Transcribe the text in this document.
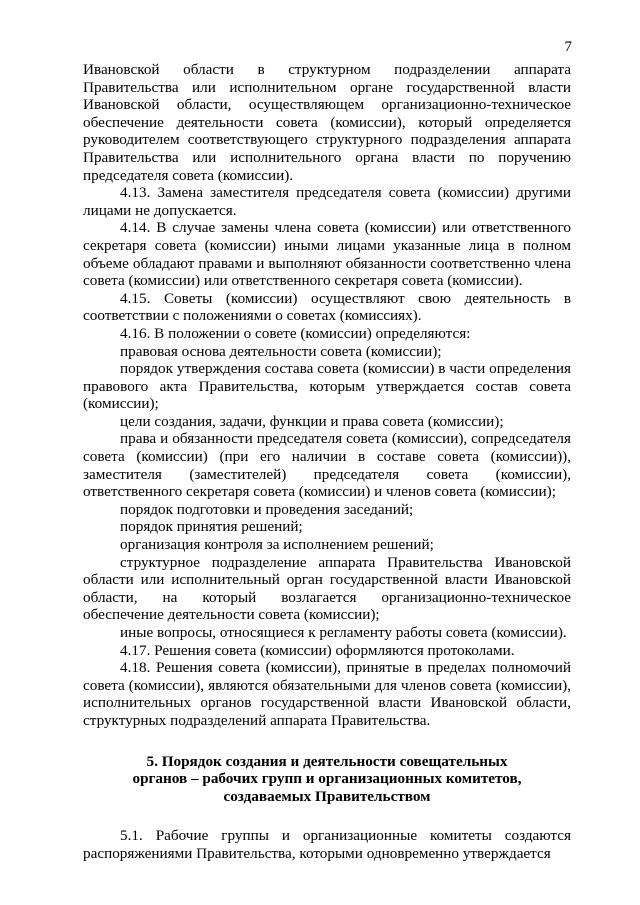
7

Ивановской области в структурном подразделении аппарата Правительства или исполнительном органе государственной власти Ивановской области, осуществляющем организационно-техническое обеспечение деятельности совета (комиссии), который определяется руководителем соответствующего структурного подразделения аппарата Правительства или исполнительного органа власти по поручению председателя совета (комиссии).

4.13. Замена заместителя председателя совета (комиссии) другими лицами не допускается.

4.14. В случае замены члена совета (комиссии) или ответственного секретаря совета (комиссии) иными лицами указанные лица в полном объеме обладают правами и выполняют обязанности соответственно члена совета (комиссии) или ответственного секретаря совета (комиссии).

4.15. Советы (комиссии) осуществляют свою деятельность в соответствии с положениями о советах (комиссиях).

4.16. В положении о совете (комиссии) определяются:

правовая основа деятельности совета (комиссии);

порядок утверждения состава совета (комиссии) в части определения правового акта Правительства, которым утверждается состав совета (комиссии);

цели создания, задачи, функции и права совета (комиссии);

права и обязанности председателя совета (комиссии), сопредседателя совета (комиссии) (при его наличии в составе совета (комиссии)), заместителя (заместителей) председателя совета (комиссии), ответственного секретаря совета (комиссии) и членов совета (комиссии);

порядок подготовки и проведения заседаний;

порядок принятия решений;

организация контроля за исполнением решений;

структурное подразделение аппарата Правительства Ивановской области или исполнительный орган государственной власти Ивановской области, на который возлагается организационно-техническое обеспечение деятельности совета (комиссии);

иные вопросы, относящиеся к регламенту работы совета (комиссии).

4.17. Решения совета (комиссии) оформляются протоколами.

4.18. Решения совета (комиссии), принятые в пределах полномочий совета (комиссии), являются обязательными для членов совета (комиссии), исполнительных органов государственной власти Ивановской области, структурных подразделений аппарата Правительства.

5. Порядок создания и деятельности совещательных
органов – рабочих групп и организационных комитетов,
создаваемых Правительством

5.1. Рабочие группы и организационные комитеты создаются распоряжениями Правительства, которыми одновременно утверждается
